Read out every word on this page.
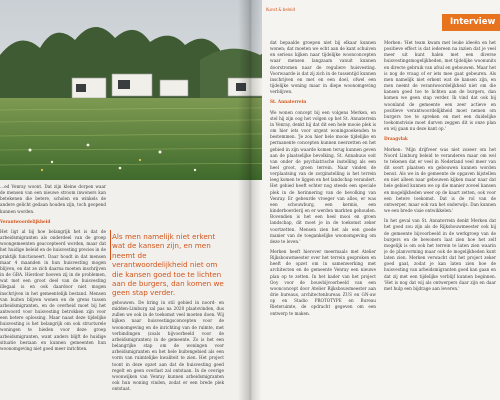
Kunst & beleid
Interview

…ed Venray woont. Dat zijn kleine dorpen waar de mensen van een nieuwe stroom inwoners kan betekenen die betere, scholen en winkels de andere gelicht gedaan houden zijn, toch geopend kunnen worden.

Verantwoordelijkheid

Het ligt al bij hoe belangrijk het is dat de arbeidsmigranten als onderdeel van de groep woongemeenten geaccepteerd worden, maar dat het huidige beleid en de huisvesting precies in de praktijk functioneert. Daar houdt in dat mensen maar 4 maanden in hun huisvesting mogen blijven, en dat ze zich daarna moeten inschrijven in de GBA. Hierdoor hoeven zij in de problemen, wat met een groot deel van de huisvesting illegaal is en ook daardoor niet mogen inschrijven in het gemeentelijk bestand. Mensen van buiten blijven wonen en de grens tussen arbeidsmigranten, en de overheid moet bij het antwoord voor huisvesting betrokken zijn voor een betere oplossing. Maar naast deze tijdelijke huisvesting is het belangrijk om ook structurele woningen te bieden voor deze groep arbeidsmigranten, want anders blijft de huidige situatie bestaan en kunnen gemeenten hun woonomgeving niet goed meer inrichten.

Als men namelijk niet erkent wat de kansen zijn, en men neemt de verantwoordelijkheid niet om die kansen goed toe te lichten aan de burgers, dan komen we geen stap verder.

gebouwen. De kring in stil gebied in noord- en midden-Limburg zal pas na 2020 plaatsvinden, dus zullen we ook in de toekomst veel moeten doen. Wij kijken naar huisvestingsconcepten voor de woonomgeving en de inrichting van de ruimte, met verbindingen (zoals bijvoorbeeld voor de arbeidsmigranten) in de gemeente. Zo is het een belangrijke stap om de woningen voor arbeidsmigranten en het hele buitengebied als een vorm van ruimtelijke kwaliteit te zien. Het project toont in deze opzet aan dat de huisvesting geed regelt en geen overlast zal ontstaan. In de overige woonwijken van Venray kunnen arbeidsmigranten ook hun woning vinden, zodat er een brede plek ontstaat.

dat bepaalde groepen niet bij elkaar kunnen wonen; dat moeten we echt aan de kant schuiven en serieus kijken naar tijdelijke woonconcepten waar mensen langzaam vanuit kunnen doorstromen naar de reguliere huisvesting. Voorwaarde is dat zij zich in de tussentijd kunnen inschrijven en met en een doel, ofwel een tijdelijke woning maar in diepe woonomgeving verblijven.

St. Annaterrein

We wonen concept bij een volgens Merken, en stel hij zijn oog het volgen op het St. Annaterrein in Venray, denkt hij dat dit een hele mooie plek is om hier iets voor urgent woningzoekenden te bestemmen. 'Je zou hier hele mooie tijdelijke en permanente concepten kunnen neerzetten en het gebied in zijn waarde komen terug kunnen geven aan de plaatselijke bevolking. St. Annahuus ooit van onder de psychiatrische instelling als een heel groot, groen terrein. Naar vinden de verplaatsing van de zorginstelling is het terrein leeg komen te liggen en het landschap verandert. Het gebied heeft echter nog steeds een speciale plek in de herinnering van de bevolking van Venray. Er gebeurde vroeger van alles, er was een schouwburg, een kermis, een kinderboerderij en er werden markten gehouden. Bovendien is het een heel mooi en groen landschap, dit moet je in de toekomst zeker voortzetten. Mensen zien het als een goede manier van de toegankelijke woonomgeving om deze te leven.'

Merken heeft hierover meermaals met Atelier Rijksbouwmeester over het terrein gesproken en heeft de opzet om in samenwerking met architecten en de gemeente Venray een nieuwe plan op te zetten. In het kader van het project Ooy voor de bouwbijvoorbeeld van een woonconcept door Atelier Rijksbouwmeester aan drie bureaus, architectenbureau ZUS en GN-aw op en Stadio PROTOTYPE en Bureau Rieteruimte, de opdracht gegeven om een ontwerp te maken.

Merken: 'Het team kwam met leuke ideeën en het positieve effect is dat iedereen na inzien dat je veel meer uit kunt halen met een diverse huisvestingsmogelijkheden, met tijdelijke woonunits en directe gebruik van afval en gebouwen. Maar het is nog de vraag of er iets mee gaat gebeuren. Als men namelijk niet erkent wat de kansen zijn, en men neemt de verantwoordelijkheid niet om die kansen goed toe te lichten aan de burgers, dan komen we geen stap verder. Ik vind dat ook bij woonland de gemeente een zeer actieve en positieve verantwoordelijkheid moet nemen om burgers toe te spreken en met een duidelijke toekomstvisie moet durven zeggen dit is onze plan en wij gaan nu deze kant op.'

Draagvlak

Merken: 'Mijn drijfveer was niet zozeer om het Noord Limburg beleid te veranderen maar om wel te tekenen dat er veel in Nederland veel meer van dit soort plaatsen en gebouwen kunnen worden benut. Als we in de gemeente de opgaven bijstellen en niet alleen naar gebouwen kijken maar naar dat hele gebied kunnen we op die manier zoveel kansen en mogelijkheden weer op de kaart zetten, ook voor een betere toekomst. Dat is de rol van de ontwerper, maar ook van het onderwijs. Dan kunnen we een brede visie ontwikkelen.'

In het geval van St. Annaterrein denkt Merken dat het goed zou zijn als de Rijksbouwmeester ook bij de gemeente bijvoorbeeld in de werkgroep van de burgers en de bewoners laat zien hoe het zelf mogelijk is om ook het terrein te laten zien waarin je de planvorming maar ook de mogelijkheden kunt laten zien. Merken verwacht dat het project zeker goed gaat, zodat je kan laten zien hoe de huisvesting van arbeidsmigranten goed kan gaan en dat zij met een tijdelijke verblijf kunnen beginnen. 'Het is nog dat wij als ontwerpers daar zijn en daar met hulp een bijdrage aan leveren.'
